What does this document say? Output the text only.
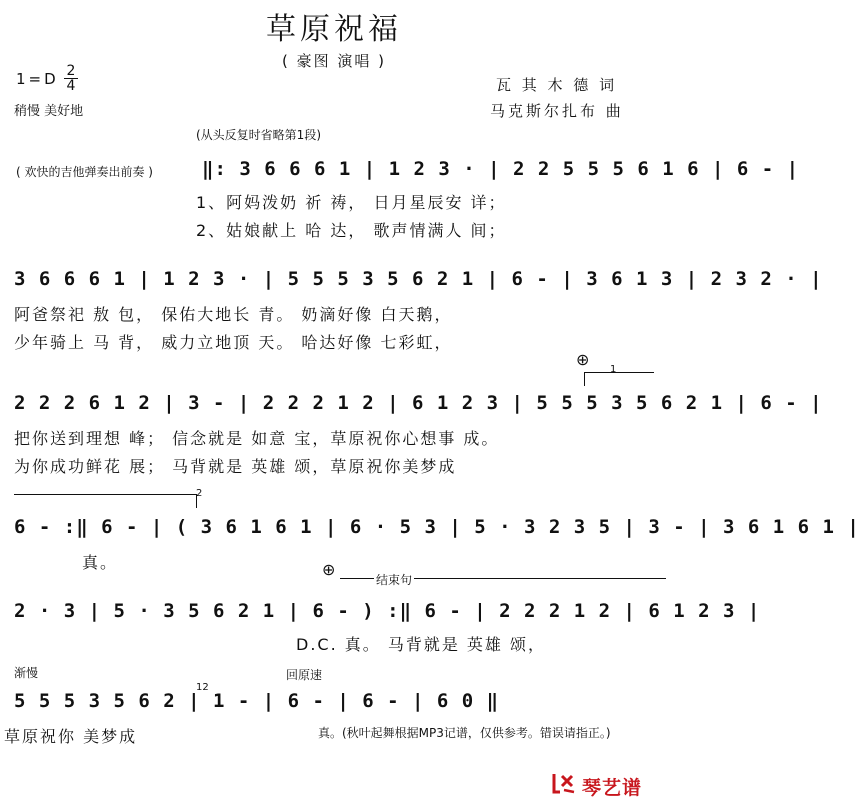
草原祝福
( 豪图 演唱 )
1=D 2
4
稍慢 美好地
瓦 其 木 德 词
马克斯尔扎布 曲
(从头反复时省略第1段)
( 欢快的吉他弹奏出前奏 )	‖: 3 6 6 6 1 | 1 2 3 · | 2 2 5 5 5 6 1 6 | 6 - |
1、阿妈泼奶 祈 祷， 日月星辰安 详；
2、姑娘献上 哈 达， 歌声情满人 间；
3 6 6 6 1 | 1 2 3 · | 5 5 5 3 5 6 2 1 | 6 - | 3 6 1 3 | 2 3 2 · |
阿爸祭祀 敖 包， 保佑大地长 青。 奶滴好像 白天鹅，
少年骑上 马 背， 威力立地顶 天。 哈达好像 七彩虹，
⊕
1
2 2 2 6 1 2 | 3 - | 2 2 2 1 2 | 6 1 2 3 | 5 5 5 3 5 6 2 1 | 6 - |
把你送到理想 峰； 信念就是 如意 宝，草原祝你心想事 成。
为你成功鲜花 展； 马背就是 英雄 颂，草原祝你美梦成
2
6 - :‖ 6 - | ( 3 6 1 6 1 | 6 · 5 3 | 5 · 3 2 3 5 | 3 - | 3 6 1 6 1 |
真。	⊕
结束句
2 · 3 | 5 · 3 5 6 2 1 | 6 - ) :‖ 6 - | 2 2 2 1 2 | 6 1 2 3 |
D.C. 真。 马背就是 英雄 颂，
渐慢	回原速
12
5 5 5 3 5 6 2 | 1 - | 6 - | 6 - | 6 0 ‖
草原祝你 美梦成	真。(秋叶起舞根据MP3记谱，仅供参考。错误请指正。)
琴艺谱
